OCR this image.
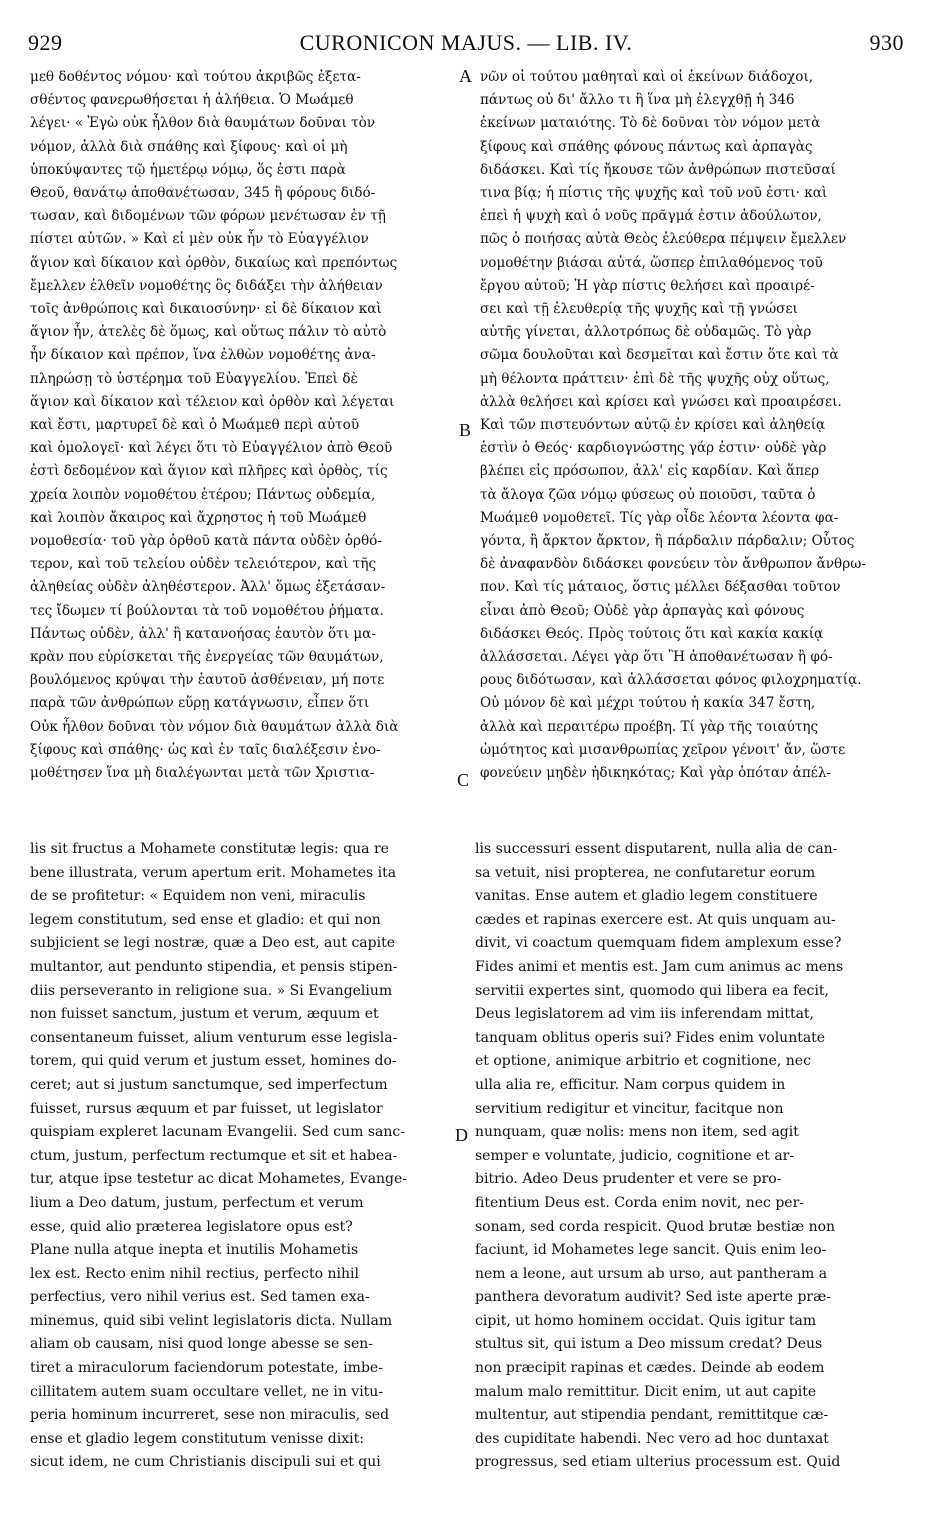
929	CURONICON MAJUS. — LIB. IV.	930
A
B
C
D
μεθ δοθέντος νόμου· καὶ τούτου ἀκριβῶς ἐξετα-
σθέντος φανερωθήσεται ἡ ἀλήθεια. Ὁ Μωάμεθ
λέγει· « Ἐγὼ οὐκ ἦλθον διὰ θαυμάτων δοῦναι τὸν
νόμον, ἀλλὰ διὰ σπάθης καὶ ξίφους· καὶ οἱ μὴ
ὑποκύψαντες τῷ ἡμετέρῳ νόμῳ, ὅς ἐστι παρὰ
Θεοῦ, θανάτῳ ἀποθανέτωσαν, 345 ἢ φόρους διδό-
τωσαν, καὶ διδομένων τῶν φόρων μενέτωσαν ἐν τῇ
πίστει αὐτῶν. » Καὶ εἰ μὲν οὐκ ἦν τὸ Εὐαγγέλιον
ἅγιον καὶ δίκαιον καὶ ὀρθὸν, δικαίως καὶ πρεπόντως
ἔμελλεν ἐλθεῖν νομοθέτης ὃς διδάξει τὴν ἀλήθειαν
τοῖς ἀνθρώποις καὶ δικαιοσύνην· εἰ δὲ δίκαιον καὶ
ἅγιον ἦν, ἀτελὲς δὲ ὅμως, καὶ οὕτως πάλιν τὸ αὐτὸ
ἦν δίκαιον καὶ πρέπον, ἵνα ἐλθὼν νομοθέτης ἀνα-
πληρώσῃ τὸ ὑστέρημα τοῦ Εὐαγγελίου. Ἐπεὶ δὲ
ἅγιον καὶ δίκαιον καὶ τέλειον καὶ ὀρθὸν καὶ λέγεται
καὶ ἔστι, μαρτυρεῖ δὲ καὶ ὁ Μωάμεθ περὶ αὐτοῦ
καὶ ὁμολογεῖ· καὶ λέγει ὅτι τὸ Εὐαγγέλιον ἀπὸ Θεοῦ
ἐστὶ δεδομένον καὶ ἅγιον καὶ πλῆρες καὶ ὀρθὸς, τίς
χρεία λοιπὸν νομοθέτου ἑτέρου; Πάντως οὐδεμία,
καὶ λοιπὸν ἄκαιρος καὶ ἄχρηστος ἡ τοῦ Μωάμεθ
νομοθεσία· τοῦ γὰρ ὀρθοῦ κατὰ πάντα οὐδὲν ὀρθό-
τερον, καὶ τοῦ τελείου οὐδὲν τελειότερον, καὶ τῆς
ἀληθείας οὐδὲν ἀληθέστερον. Ἀλλ' ὅμως ἐξετάσαν-
τες ἴδωμεν τί βούλονται τὰ τοῦ νομοθέτου ῥήματα.
Πάντως οὐδὲν, ἀλλ' ἢ κατανοήσας ἑαυτὸν ὅτι μα-
κρὰν που εὑρίσκεται τῆς ἐνεργείας τῶν θαυμάτων,
βουλόμενος κρύψαι τὴν ἑαυτοῦ ἀσθένειαν, μή ποτε
παρὰ τῶν ἀνθρώπων εὕρῃ κατάγνωσιν, εἶπεν ὅτι
Οὐκ ἦλθον δοῦναι τὸν νόμον διὰ θαυμάτων ἀλλὰ διὰ
ξίφους καὶ σπάθης· ὡς καὶ ἐν ταῖς διαλέξεσιν ἐνο-
μοθέτησεν ἵνα μὴ διαλέγωνται μετὰ τῶν Χριστια-
νῶν οἱ τούτου μαθηταὶ καὶ οἱ ἐκείνων διάδοχοι,
πάντως οὐ δι' ἄλλο τι ἢ ἵνα μὴ ἐλεγχθῇ ἡ 346
ἐκείνων ματαιότης. Τὸ δὲ δοῦναι τὸν νόμον μετὰ
ξίφους καὶ σπάθης φόνους πάντως καὶ ἁρπαγὰς
διδάσκει. Καὶ τίς ἤκουσε τῶν ἀνθρώπων πιστεῦσαί
τινα βίᾳ; ἡ πίστις τῆς ψυχῆς καὶ τοῦ νοῦ ἐστι· καὶ
ἐπεὶ ἡ ψυχὴ καὶ ὁ νοῦς πρᾶγμά ἐστιν ἀδούλωτον,
πῶς ὁ ποιήσας αὐτὰ Θεὸς ἐλεύθερα πέμψειν ἔμελλεν
νομοθέτην βιάσαι αὐτά, ὥσπερ ἐπιλαθόμενος τοῦ
ἔργου αὐτοῦ; Ἡ γὰρ πίστις θελήσει καὶ προαιρέ-
σει καὶ τῇ ἐλευθερίᾳ τῆς ψυχῆς καὶ τῇ γνώσει
αὐτῆς γίνεται, ἀλλοτρόπως δὲ οὐδαμῶς. Τὸ γὰρ
σῶμα δουλοῦται καὶ δεσμεῖται καὶ ἔστιν ὅτε καὶ τὰ
μὴ θέλοντα πράττειν· ἐπὶ δὲ τῆς ψυχῆς οὐχ οὕτως,
ἀλλὰ θελήσει καὶ κρίσει καὶ γνώσει καὶ προαιρέσει.
Καὶ τῶν πιστευόντων αὐτῷ ἐν κρίσει καὶ ἀληθείᾳ
ἐστὶν ὁ Θεός· καρδιογνώστης γάρ ἐστιν· οὐδὲ γὰρ
βλέπει εἰς πρόσωπον, ἀλλ' εἰς καρδίαν. Καὶ ἅπερ
τὰ ἄλογα ζῶα νόμῳ φύσεως οὐ ποιοῦσι, ταῦτα ὁ
Μωάμεθ νομοθετεῖ. Τίς γὰρ οἶδε λέοντα λέοντα φα-
γόντα, ἢ ἄρκτον ἄρκτον, ἢ πάρδαλιν πάρδαλιν; Οὗτος
δὲ ἀναφανδὸν διδάσκει φονεύειν τὸν ἄνθρωπον ἄνθρω-
πον. Καὶ τίς μάταιος, ὅστις μέλλει δέξασθαι τοῦτον
εἶναι ἀπὸ Θεοῦ; Οὐδὲ γὰρ ἁρπαγὰς καὶ φόνους
διδάσκει Θεός. Πρὸς τούτοις ὅτι καὶ κακία κακίᾳ
ἀλλάσσεται. Λέγει γὰρ ὅτι Ἢ ἀποθανέτωσαν ἢ φό-
ρους διδότωσαν, καὶ ἀλλάσσεται φόνος φιλοχρηματίᾳ.
Οὐ μόνον δὲ καὶ μέχρι τούτου ἡ κακία 347 ἔστη,
ἀλλὰ καὶ περαιτέρω προέβη. Τί γὰρ τῆς τοιαύτης
ὠμότητος καὶ μισανθρωπίας χεῖρον γένοιτ' ἄν, ὥστε
φονεύειν μηδὲν ἠδικηκότας; Καὶ γὰρ ὁπόταν ἀπέλ-
lis sit fructus a Mohamete constitutæ legis: qua re
bene illustrata, verum apertum erit. Mohametes ita
de se profitetur: « Equidem non veni, miraculis
legem constitutum, sed ense et gladio: et qui non
subjicient se legi nostræ, quæ a Deo est, aut capite
multantor, aut pendunto stipendia, et pensis stipen-
diis perseveranto in religione sua. » Si Evangelium
non fuisset sanctum, justum et verum, æquum et
consentaneum fuisset, alium venturum esse legisla-
torem, qui quid verum et justum esset, homines do-
ceret; aut si justum sanctumque, sed imperfectum
fuisset, rursus æquum et par fuisset, ut legislator
quispiam expleret lacunam Evangelii. Sed cum sanc-
ctum, justum, perfectum rectumque et sit et habea-
tur, atque ipse testetur ac dicat Mohametes, Evange-
lium a Deo datum, justum, perfectum et verum
esse, quid alio præterea legislatore opus est?
Plane nulla atque inepta et inutilis Mohametis
lex est. Recto enim nihil rectius, perfecto nihil
perfectius, vero nihil verius est. Sed tamen exa-
minemus, quid sibi velint legislatoris dicta. Nullam
aliam ob causam, nisi quod longe abesse se sen-
tiret a miraculorum faciendorum potestate, imbe-
cillitatem autem suam occultare vellet, ne in vitu-
peria hominum incurreret, sese non miraculis, sed
ense et gladio legem constitutum venisse dixit:
sicut idem, ne cum Christianis discipuli sui et qui
lis successuri essent disputarent, nulla alia de can-
sa vetuit, nisi propterea, ne confutaretur eorum
vanitas. Ense autem et gladio legem constituere
cædes et rapinas exercere est. At quis unquam au-
divit, vi coactum quemquam fidem amplexum esse?
Fides animi et mentis est. Jam cum animus ac mens
servitii expertes sint, quomodo qui libera ea fecit,
Deus legislatorem ad vim iis inferendam mittat,
tanquam oblitus operis sui? Fides enim voluntate
et optione, animique arbitrio et cognitione, nec
ulla alia re, efficitur. Nam corpus quidem in
servitium redigitur et vincitur, facitque non
nunquam, quæ nolis: mens non item, sed agit
semper e voluntate, judicio, cognitione et ar-
bitrio. Adeo Deus prudenter et vere se pro-
fitentium Deus est. Corda enim novit, nec per-
sonam, sed corda respicit. Quod brutæ bestiæ non
faciunt, id Mohametes lege sancit. Quis enim leo-
nem a leone, aut ursum ab urso, aut pantheram a
panthera devoratum audivit? Sed iste aperte præ-
cipit, ut homo hominem occidat. Quis igitur tam
stultus sit, qui istum a Deo missum credat? Deus
non præcipit rapinas et cædes. Deinde ab eodem
malum malo remittitur. Dicit enim, ut aut capite
multentur, aut stipendia pendant, remittitque cæ-
des cupiditate habendi. Nec vero ad hoc duntaxat
progressus, sed etiam ulterius processum est. Quid
